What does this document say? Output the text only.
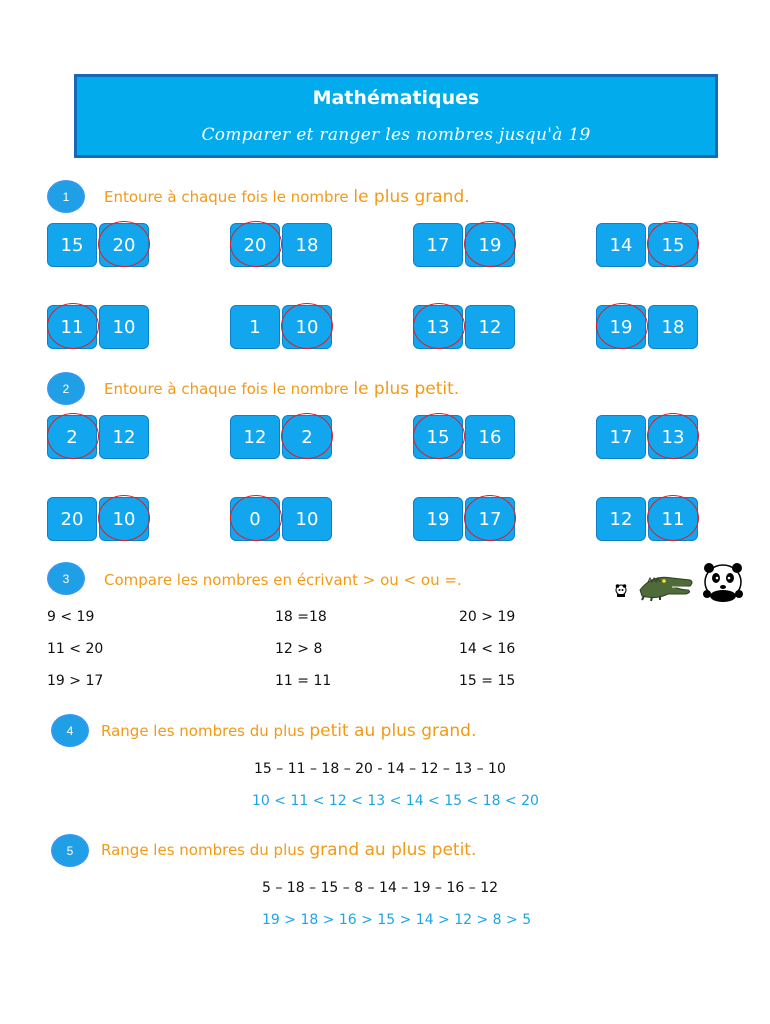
Mathématiques
Comparer et ranger les nombres jusqu'à 19
1	Entoure à chaque fois le nombre le plus grand.
15	20	20	18	17	19	14	15
11	10	1	10	13	12	19	18
2	Entoure à chaque fois le nombre le plus petit.
2	12	12	2	15	16	17	13
20	10	0	10	19	17	12	11
3	Compare les nombres en écrivant > ou < ou =.
9 < 19	18 =18	20 > 19
11 < 20	12 > 8	14 < 16
19 > 17	11 = 11	15 = 15
4	Range les nombres du plus petit au plus grand.
15 – 11 – 18 – 20 - 14 – 12 – 13 – 10
10 < 11 < 12 < 13 < 14 < 15 < 18 < 20
5	Range les nombres du plus grand au plus petit.
5 – 18 – 15 – 8 – 14 – 19 – 16 – 12
19 > 18 > 16 > 15 > 14 > 12 > 8 > 5
